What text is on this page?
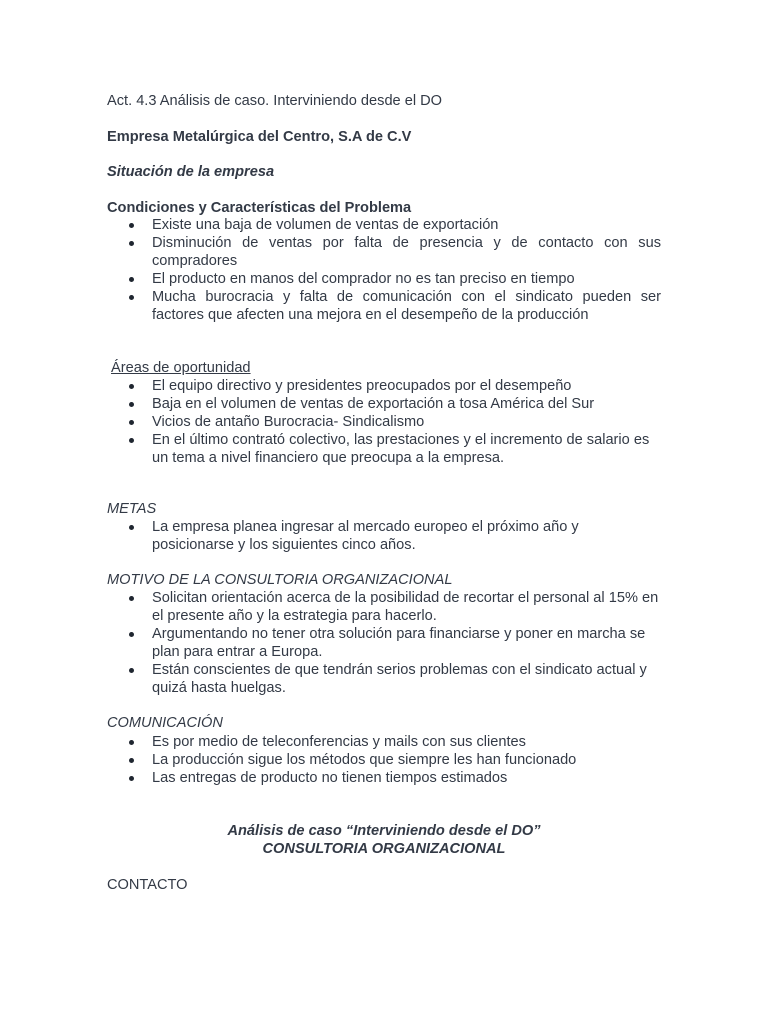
Act. 4.3 Análisis de caso. Interviniendo desde el DO

Empresa Metalúrgica del Centro, S.A de C.V

Situación de la empresa

Condiciones y Características del Problema

Existe una baja de volumen de ventas de exportación
Disminución de ventas por falta de presencia y de contacto con sus compradores
El producto en manos del comprador no es tan preciso en tiempo
Mucha burocracia y falta de comunicación con el sindicato pueden ser factores que afecten una mejora en el desempeño de la producción

Áreas de oportunidad

El equipo directivo y presidentes preocupados por el desempeño
Baja en el volumen de ventas de exportación a tosa América del Sur
Vicios de antaño Burocracia- Sindicalismo
En el último contrató colectivo, las prestaciones y el incremento de salario es un tema a nivel financiero que preocupa a la empresa.

METAS

La empresa planea ingresar al mercado europeo el próximo año y posicionarse y los siguientes cinco años.

MOTIVO DE LA CONSULTORIA ORGANIZACIONAL

Solicitan orientación acerca de la posibilidad de recortar el personal al 15% en el presente año y la estrategia para hacerlo.
Argumentando no tener otra solución para financiarse y poner en marcha se plan para entrar a Europa.
Están conscientes de que tendrán serios problemas con el sindicato actual y quizá hasta huelgas.

COMUNICACIÓN

Es por medio de teleconferencias y mails con sus clientes
La producción sigue los métodos que siempre les han funcionado
Las entregas de producto no tienen tiempos estimados

Análisis de caso “Interviniendo desde el DO”

CONSULTORIA ORGANIZACIONAL

CONTACTO
